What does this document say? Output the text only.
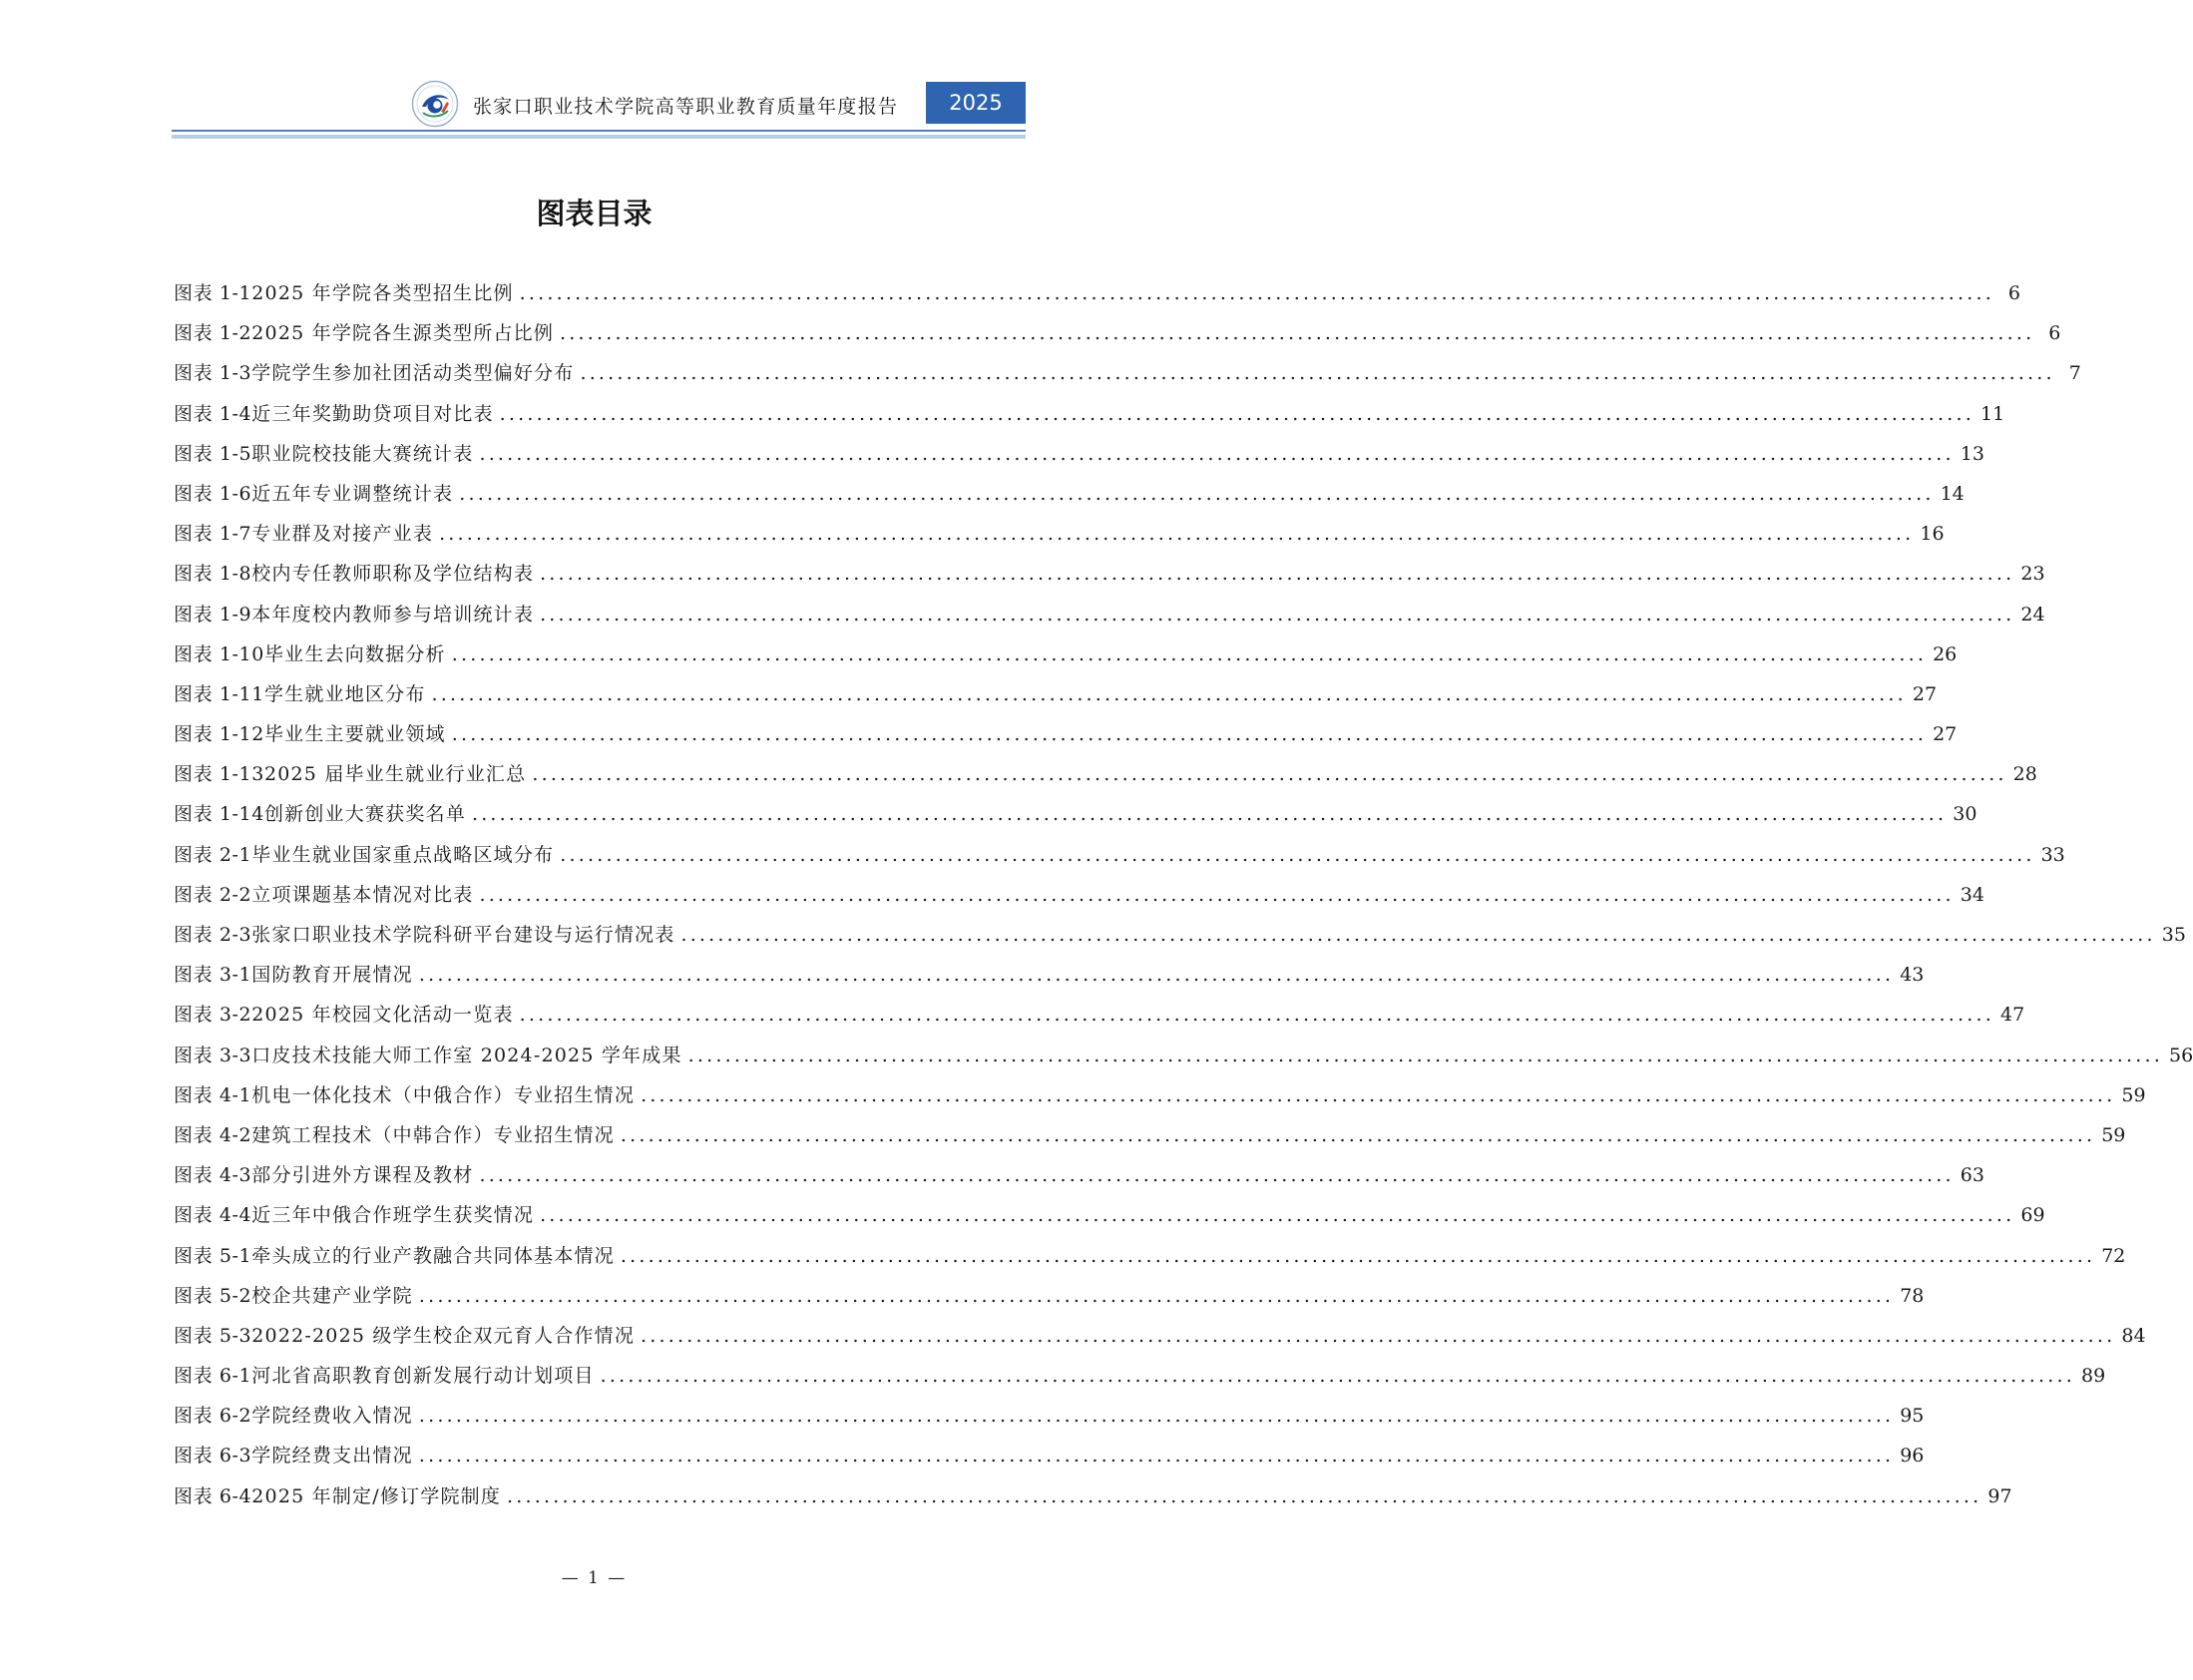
张家口职业技术学院高等职业教育质量年度报告	2025
图表目录
图表 1-1 2025 年学院各类型招生比例 ................................................................................................................................................................ 6
图表 1-2 2025 年学院各生源类型所占比例 ................................................................................................................................................................ 6
图表 1-3 学院学生参加社团活动类型偏好分布 ................................................................................................................................................................ 7
图表 1-4 近三年奖勤助贷项目对比表 ................................................................................................................................................................ 11
图表 1-5 职业院校技能大赛统计表 ................................................................................................................................................................ 13
图表 1-6 近五年专业调整统计表 ................................................................................................................................................................ 14
图表 1-7 专业群及对接产业表 ................................................................................................................................................................ 16
图表 1-8 校内专任教师职称及学位结构表 ................................................................................................................................................................ 23
图表 1-9 本年度校内教师参与培训统计表 ................................................................................................................................................................ 24
图表 1-10 毕业生去向数据分析 ................................................................................................................................................................ 26
图表 1-11 学生就业地区分布 ................................................................................................................................................................ 27
图表 1-12 毕业生主要就业领域 ................................................................................................................................................................ 27
图表 1-13 2025 届毕业生就业行业汇总 ................................................................................................................................................................ 28
图表 1-14 创新创业大赛获奖名单 ................................................................................................................................................................ 30
图表 2-1 毕业生就业国家重点战略区域分布 ................................................................................................................................................................ 33
图表 2-2 立项课题基本情况对比表 ................................................................................................................................................................ 34
图表 2-3 张家口职业技术学院科研平台建设与运行情况表 ................................................................................................................................................................ 35
图表 3-1 国防教育开展情况 ................................................................................................................................................................ 43
图表 3-2 2025 年校园文化活动一览表 ................................................................................................................................................................ 47
图表 3-3 口皮技术技能大师工作室 2024-2025 学年成果 ................................................................................................................................................................ 56
图表 4-1 机电一体化技术（中俄合作）专业招生情况 ................................................................................................................................................................ 59
图表 4-2 建筑工程技术（中韩合作）专业招生情况 ................................................................................................................................................................ 59
图表 4-3 部分引进外方课程及教材 ................................................................................................................................................................ 63
图表 4-4 近三年中俄合作班学生获奖情况 ................................................................................................................................................................ 69
图表 5-1 牵头成立的行业产教融合共同体基本情况 ................................................................................................................................................................ 72
图表 5-2 校企共建产业学院 ................................................................................................................................................................ 78
图表 5-3 2022-2025 级学生校企双元育人合作情况 ................................................................................................................................................................ 84
图表 6-1 河北省高职教育创新发展行动计划项目 ................................................................................................................................................................ 89
图表 6-2 学院经费收入情况 ................................................................................................................................................................ 95
图表 6-3 学院经费支出情况 ................................................................................................................................................................ 96
图表 6-4 2025 年制定/修订学院制度 ................................................................................................................................................................ 97
— 1 —
